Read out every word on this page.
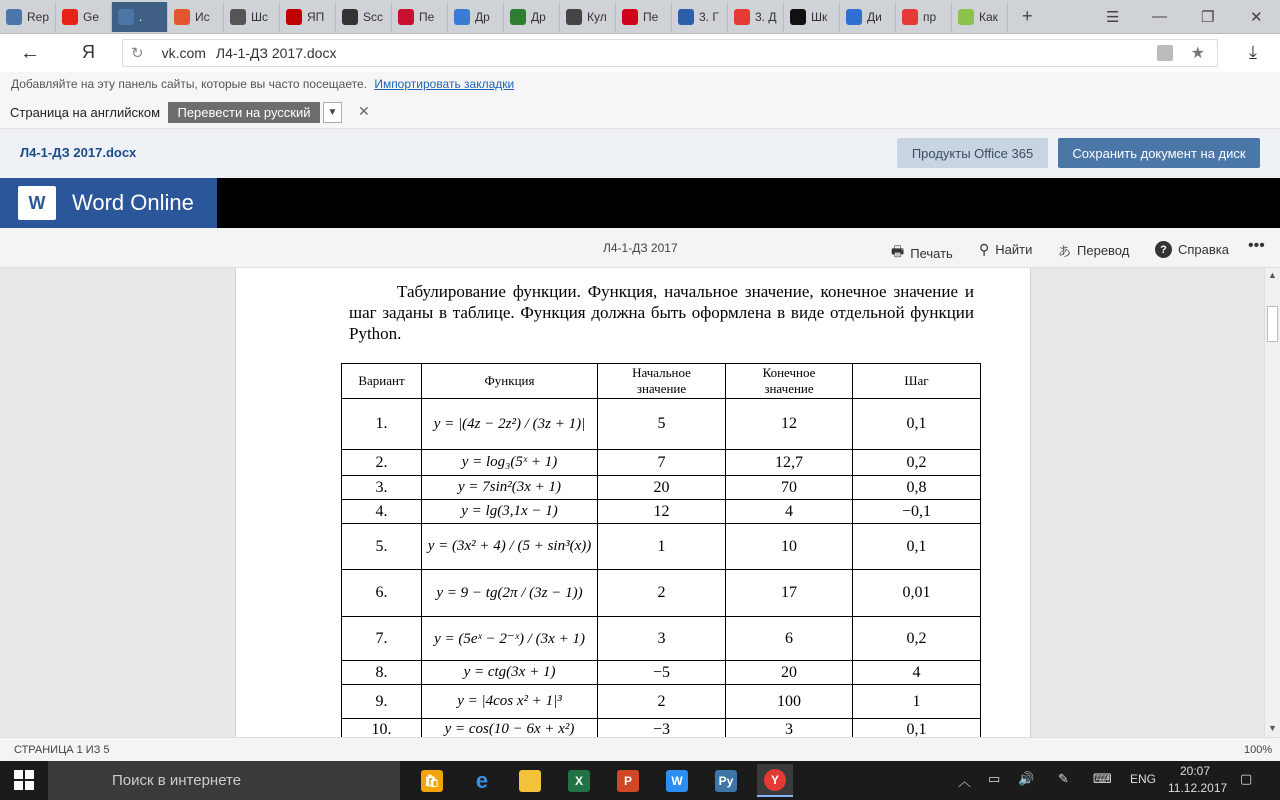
Rep	Ge	.	Ис	Шс	ЯП	Scc	Пе	Др	Др	Кул	Пе	3. Г	3. Д	Шк	Ди	пр	Как +	☰ — ❐ ✕
← Я ↻ vk.com Л4-1-ДЗ 2017.docx	★ ⤓
Добавляйте на эту панель сайты, которые вы часто посещаете. Импортировать закладки
Страница на английском	Перевести на русский	▼	✕
Л4-1-ДЗ 2017.docx	Продукты Office 365	Сохранить документ на диск
W	Word Online
Л4-1-ДЗ 2017	🖶 Печать ⚲ Найти あ Перевод	? Справка •••
Табулирование функции. Функция, начальное значение, конечное значение и шаг заданы в таблице. Функция должна быть оформлена в виде отдельной функции Python.
Вариант	Функция	Начальное значение	Конечное значение	Шаг
1.	y = |(4z − 2z²) / (3z + 1)|	5	12	0,1
2.	y = log₃(5ˣ + 1)	7	12,7	0,2
3.	y = 7sin²(3x + 1)	20	70	0,8
4.	y = lg(3,1x − 1)	12	4	−0,1
5.	y = (3x² + 4) / (5 + sin³(x))	1	10	0,1
6.	y = 9 − tg(2π / (3z − 1))	2	17	0,01
7.	y = (5eˣ − 2⁻ˣ) / (3x + 1)	3	6	0,2
8.	y = ctg(3x + 1)	−5	20	4
9.	y = |4cos x² + 1|³	2	100	1
10.	y = cos(10 − 6x + x²)	−3	3	0,1
▲
▼
СТРАНИЦА 1 ИЗ 5	100%
Поиск в интернете	🛍 e	X	P	W	Py	Y	︿ ▭ 🔊 ✎ ⌨ ENG
20:07
11.12.2017
▢
